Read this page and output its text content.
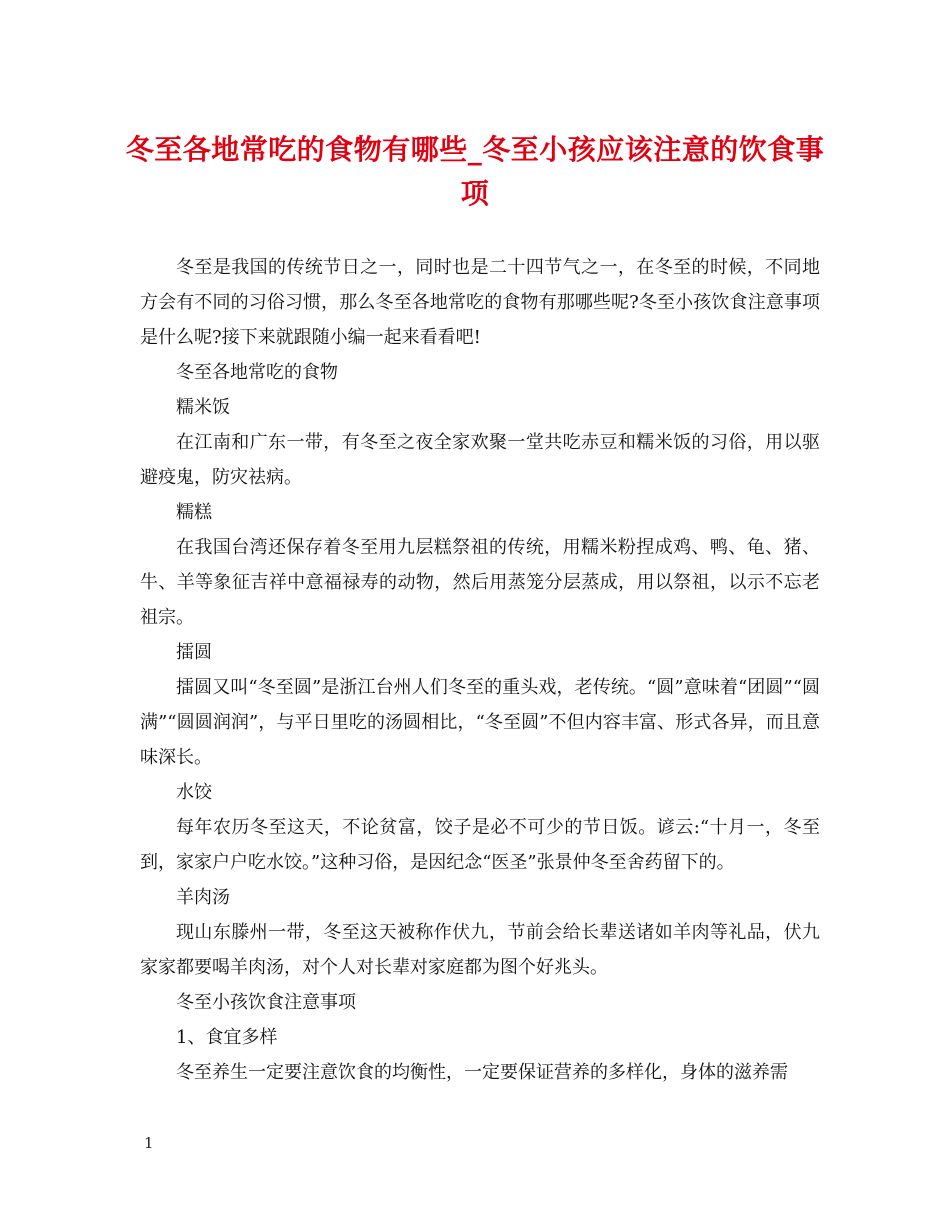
冬至各地常吃的食物有哪些_冬至小孩应该注意的饮食事项

冬至是我国的传统节日之一，同时也是二十四节气之一，在冬至的时候，不同地方会有不同的习俗习惯，那么冬至各地常吃的食物有那哪些呢?冬至小孩饮食注意事项是什么呢?接下来就跟随小编一起来看看吧!

冬至各地常吃的食物

糯米饭

在江南和广东一带，有冬至之夜全家欢聚一堂共吃赤豆和糯米饭的习俗，用以驱避疫鬼，防灾祛病。

糯糕

在我国台湾还保存着冬至用九层糕祭祖的传统，用糯米粉捏成鸡、鸭、龟、猪、牛、羊等象征吉祥中意福禄寿的动物，然后用蒸笼分层蒸成，用以祭祖，以示不忘老祖宗。

擂圆

擂圆又叫“冬至圆”是浙江台州人们冬至的重头戏，老传统。“圆”意味着“团圆”“圆满”“圆圆润润”，与平日里吃的汤圆相比，“冬至圆”不但内容丰富、形式各异，而且意味深长。

水饺

每年农历冬至这天，不论贫富，饺子是必不可少的节日饭。谚云:“十月一，冬至到，家家户户吃水饺。”这种习俗，是因纪念“医圣”张景仲冬至舍药留下的。

羊肉汤

现山东滕州一带，冬至这天被称作伏九，节前会给长辈送诸如羊肉等礼品，伏九家家都要喝羊肉汤，对个人对长辈对家庭都为图个好兆头。

冬至小孩饮食注意事项

1、食宜多样

冬至养生一定要注意饮食的均衡性，一定要保证营养的多样化，身体的滋养需

1
